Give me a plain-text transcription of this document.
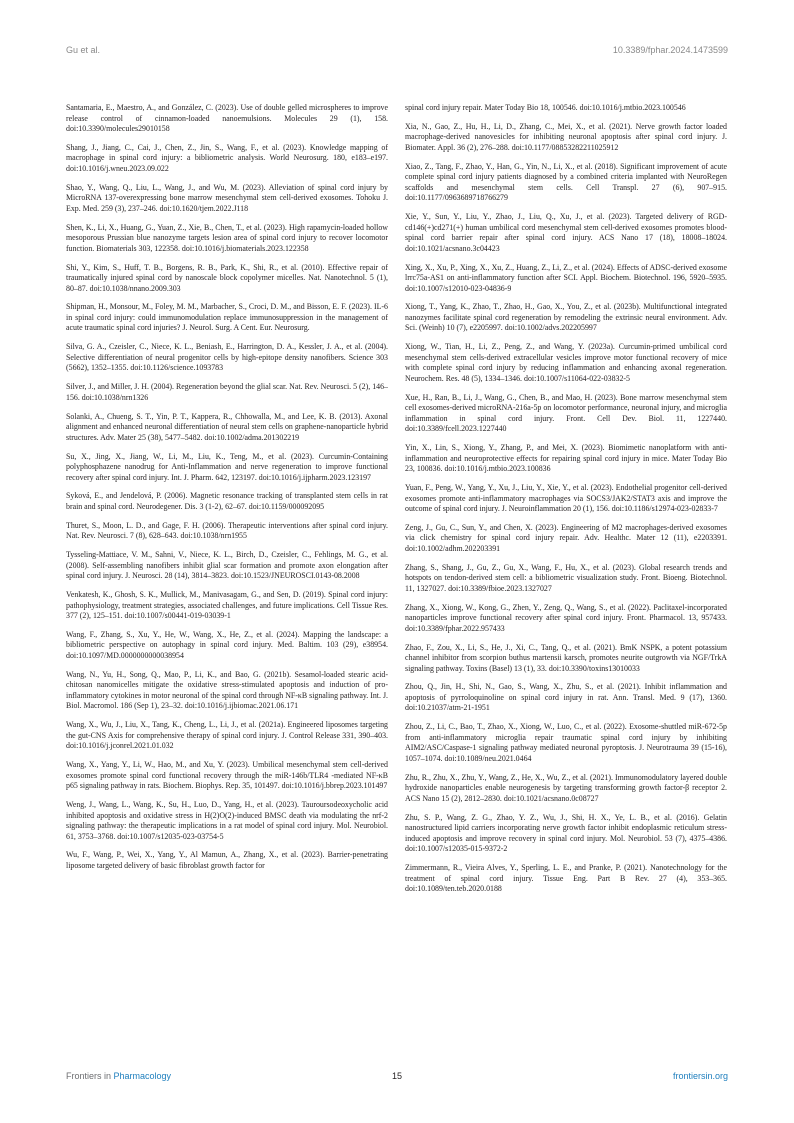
Gu et al.	10.3389/fphar.2024.1473599

Santamaria, E., Maestro, A., and González, C. (2023). Use of double gelled microspheres to improve release control of cinnamon-loaded nanoemulsions. Molecules 29 (1), 158. doi:10.3390/molecules29010158

Shang, J., Jiang, C., Cai, J., Chen, Z., Jin, S., Wang, F., et al. (2023). Knowledge mapping of macrophage in spinal cord injury: a bibliometric analysis. World Neurosurg. 180, e183–e197. doi:10.1016/j.wneu.2023.09.022

Shao, Y., Wang, Q., Liu, L., Wang, J., and Wu, M. (2023). Alleviation of spinal cord injury by MicroRNA 137-overexpressing bone marrow mesenchymal stem cell-derived exosomes. Tohoku J. Exp. Med. 259 (3), 237–246. doi:10.1620/tjem.2022.J118

Shen, K., Li, X., Huang, G., Yuan, Z., Xie, B., Chen, T., et al. (2023). High rapamycin-loaded hollow mesoporous Prussian blue nanozyme targets lesion area of spinal cord injury to recover locomotor function. Biomaterials 303, 122358. doi:10.1016/j.biomaterials.2023.122358

Shi, Y., Kim, S., Huff, T. B., Borgens, R. B., Park, K., Shi, R., et al. (2010). Effective repair of traumatically injured spinal cord by nanoscale block copolymer micelles. Nat. Nanotechnol. 5 (1), 80–87. doi:10.1038/nnano.2009.303

Shipman, H., Monsour, M., Foley, M. M., Marbacher, S., Croci, D. M., and Bisson, E. F. (2023). IL-6 in spinal cord injury: could immunomodulation replace immunosuppression in the management of acute traumatic spinal cord injuries? J. Neurol. Surg. A Cent. Eur. Neurosurg.

Silva, G. A., Czeisler, C., Niece, K. L., Beniash, E., Harrington, D. A., Kessler, J. A., et al. (2004). Selective differentiation of neural progenitor cells by high-epitope density nanofibers. Science 303 (5662), 1352–1355. doi:10.1126/science.1093783

Silver, J., and Miller, J. H. (2004). Regeneration beyond the glial scar. Nat. Rev. Neurosci. 5 (2), 146–156. doi:10.1038/nrn1326

Solanki, A., Chueng, S. T., Yin, P. T., Kappera, R., Chhowalla, M., and Lee, K. B. (2013). Axonal alignment and enhanced neuronal differentiation of neural stem cells on graphene-nanoparticle hybrid structures. Adv. Mater 25 (38), 5477–5482. doi:10.1002/adma.201302219

Su, X., Jing, X., Jiang, W., Li, M., Liu, K., Teng, M., et al. (2023). Curcumin-Containing polyphosphazene nanodrug for Anti-Inflammation and nerve regeneration to improve functional recovery after spinal cord injury. Int. J. Pharm. 642, 123197. doi:10.1016/j.ijpharm.2023.123197

Syková, E., and Jendelová, P. (2006). Magnetic resonance tracking of transplanted stem cells in rat brain and spinal cord. Neurodegener. Dis. 3 (1-2), 62–67. doi:10.1159/000092095

Thuret, S., Moon, L. D., and Gage, F. H. (2006). Therapeutic interventions after spinal cord injury. Nat. Rev. Neurosci. 7 (8), 628–643. doi:10.1038/nrn1955

Tysseling-Mattiace, V. M., Sahni, V., Niece, K. L., Birch, D., Czeisler, C., Fehlings, M. G., et al. (2008). Self-assembling nanofibers inhibit glial scar formation and promote axon elongation after spinal cord injury. J. Neurosci. 28 (14), 3814–3823. doi:10.1523/JNEUROSCI.0143-08.2008

Venkatesh, K., Ghosh, S. K., Mullick, M., Manivasagam, G., and Sen, D. (2019). Spinal cord injury: pathophysiology, treatment strategies, associated challenges, and future implications. Cell Tissue Res. 377 (2), 125–151. doi:10.1007/s00441-019-03039-1

Wang, F., Zhang, S., Xu, Y., He, W., Wang, X., He, Z., et al. (2024). Mapping the landscape: a bibliometric perspective on autophagy in spinal cord injury. Med. Baltim. 103 (29), e38954. doi:10.1097/MD.0000000000038954

Wang, N., Yu, H., Song, Q., Mao, P., Li, K., and Bao, G. (2021b). Sesamol-loaded stearic acid-chitosan nanomicelles mitigate the oxidative stress-stimulated apoptosis and induction of pro-inflammatory cytokines in motor neuronal of the spinal cord through NF-κB signaling pathway. Int. J. Biol. Macromol. 186 (Sep 1), 23–32. doi:10.1016/j.ijbiomac.2021.06.171

Wang, X., Wu, J., Liu, X., Tang, K., Cheng, L., Li, J., et al. (2021a). Engineered liposomes targeting the gut-CNS Axis for comprehensive therapy of spinal cord injury. J. Control Release 331, 390–403. doi:10.1016/j.jconrel.2021.01.032

Wang, X., Yang, Y., Li, W., Hao, M., and Xu, Y. (2023). Umbilical mesenchymal stem cell-derived exosomes promote spinal cord functional recovery through the miR-146b/TLR4 -mediated NF-κB p65 signaling pathway in rats. Biochem. Biophys. Rep. 35, 101497. doi:10.1016/j.bbrep.2023.101497

Weng, J., Wang, L., Wang, K., Su, H., Luo, D., Yang, H., et al. (2023). Tauroursodeoxycholic acid inhibited apoptosis and oxidative stress in H(2)O(2)-induced BMSC death via modulating the nrf-2 signaling pathway: the therapeutic implications in a rat model of spinal cord injury. Mol. Neurobiol. 61, 3753–3768. doi:10.1007/s12035-023-03754-5

Wu, F., Wang, P., Wei, X., Yang, Y., Al Mamun, A., Zhang, X., et al. (2023). Barrier-penetrating liposome targeted delivery of basic fibroblast growth factor for

spinal cord injury repair. Mater Today Bio 18, 100546. doi:10.1016/j.mtbio.2023.100546

Xia, N., Gao, Z., Hu, H., Li, D., Zhang, C., Mei, X., et al. (2021). Nerve growth factor loaded macrophage-derived nanovesicles for inhibiting neuronal apoptosis after spinal cord injury. J. Biomater. Appl. 36 (2), 276–288. doi:10.1177/08853282211025912

Xiao, Z., Tang, F., Zhao, Y., Han, G., Yin, N., Li, X., et al. (2018). Significant improvement of acute complete spinal cord injury patients diagnosed by a combined criteria implanted with NeuroRegen scaffolds and mesenchymal stem cells. Cell Transpl. 27 (6), 907–915. doi:10.1177/0963689718766279

Xie, Y., Sun, Y., Liu, Y., Zhao, J., Liu, Q., Xu, J., et al. (2023). Targeted delivery of RGD-cd146(+)cd271(+) human umbilical cord mesenchymal stem cell-derived exosomes promotes blood-spinal cord barrier repair after spinal cord injury. ACS Nano 17 (18), 18008–18024. doi:10.1021/acsnano.3c04423

Xing, X., Xu, P., Xing, X., Xu, Z., Huang, Z., Li, Z., et al. (2024). Effects of ADSC-derived exosome lrrc75a-AS1 on anti-inflammatory function after SCI. Appl. Biochem. Biotechnol. 196, 5920–5935. doi:10.1007/s12010-023-04836-9

Xiong, T., Yang, K., Zhao, T., Zhao, H., Gao, X., You, Z., et al. (2023b). Multifunctional integrated nanozymes facilitate spinal cord regeneration by remodeling the extrinsic neural environment. Adv. Sci. (Weinh) 10 (7), e2205997. doi:10.1002/advs.202205997

Xiong, W., Tian, H., Li, Z., Peng, Z., and Wang, Y. (2023a). Curcumin-primed umbilical cord mesenchymal stem cells-derived extracellular vesicles improve motor functional recovery of mice with complete spinal cord injury by reducing inflammation and enhancing axonal regeneration. Neurochem. Res. 48 (5), 1334–1346. doi:10.1007/s11064-022-03832-5

Xue, H., Ran, B., Li, J., Wang, G., Chen, B., and Mao, H. (2023). Bone marrow mesenchymal stem cell exosomes-derived microRNA-216a-5p on locomotor performance, neuronal injury, and microglia inflammation in spinal cord injury. Front. Cell Dev. Biol. 11, 1227440. doi:10.3389/fcell.2023.1227440

Yin, X., Lin, S., Xiong, Y., Zhang, P., and Mei, X. (2023). Biomimetic nanoplatform with anti-inflammation and neuroprotective effects for repairing spinal cord injury in mice. Mater Today Bio 23, 100836. doi:10.1016/j.mtbio.2023.100836

Yuan, F., Peng, W., Yang, Y., Xu, J., Liu, Y., Xie, Y., et al. (2023). Endothelial progenitor cell-derived exosomes promote anti-inflammatory macrophages via SOCS3/JAK2/STAT3 axis and improve the outcome of spinal cord injury. J. Neuroinflammation 20 (1), 156. doi:10.1186/s12974-023-02833-7

Zeng, J., Gu, C., Sun, Y., and Chen, X. (2023). Engineering of M2 macrophages-derived exosomes via click chemistry for spinal cord injury repair. Adv. Healthc. Mater 12 (11), e2203391. doi:10.1002/adhm.202203391

Zhang, S., Shang, J., Gu, Z., Gu, X., Wang, F., Hu, X., et al. (2023). Global research trends and hotspots on tendon-derived stem cell: a bibliometric visualization study. Front. Bioeng. Biotechnol. 11, 1327027. doi:10.3389/fbioe.2023.1327027

Zhang, X., Xiong, W., Kong, G., Zhen, Y., Zeng, Q., Wang, S., et al. (2022). Paclitaxel-incorporated nanoparticles improve functional recovery after spinal cord injury. Front. Pharmacol. 13, 957433. doi:10.3389/fphar.2022.957433

Zhao, F., Zou, X., Li, S., He, J., Xi, C., Tang, Q., et al. (2021). BmK NSPK, a potent potassium channel inhibitor from scorpion buthus martensii karsch, promotes neurite outgrowth via NGF/TrkA signaling pathway. Toxins (Basel) 13 (1), 33. doi:10.3390/toxins13010033

Zhou, Q., Jin, H., Shi, N., Gao, S., Wang, X., Zhu, S., et al. (2021). Inhibit inflammation and apoptosis of pyrroloquinoline on spinal cord injury in rat. Ann. Transl. Med. 9 (17), 1360. doi:10.21037/atm-21-1951

Zhou, Z., Li, C., Bao, T., Zhao, X., Xiong, W., Luo, C., et al. (2022). Exosome-shuttled miR-672-5p from anti-inflammatory microglia repair traumatic spinal cord injury by inhibiting AIM2/ASC/Caspase-1 signaling pathway mediated neuronal pyroptosis. J. Neurotrauma 39 (15-16), 1057–1074. doi:10.1089/neu.2021.0464

Zhu, R., Zhu, X., Zhu, Y., Wang, Z., He, X., Wu, Z., et al. (2021). Immunomodulatory layered double hydroxide nanoparticles enable neurogenesis by targeting transforming growth factor-β receptor 2. ACS Nano 15 (2), 2812–2830. doi:10.1021/acsnano.0c08727

Zhu, S. P., Wang, Z. G., Zhao, Y. Z., Wu, J., Shi, H. X., Ye, L. B., et al. (2016). Gelatin nanostructured lipid carriers incorporating nerve growth factor inhibit endoplasmic reticulum stress-induced apoptosis and improve recovery in spinal cord injury. Mol. Neurobiol. 53 (7), 4375–4386. doi:10.1007/s12035-015-9372-2

Zimmermann, R., Vieira Alves, Y., Sperling, L. E., and Pranke, P. (2021). Nanotechnology for the treatment of spinal cord injury. Tissue Eng. Part B Rev. 27 (4), 353–365. doi:10.1089/ten.teb.2020.0188

Frontiers in Pharmacology	15	frontiersin.org
